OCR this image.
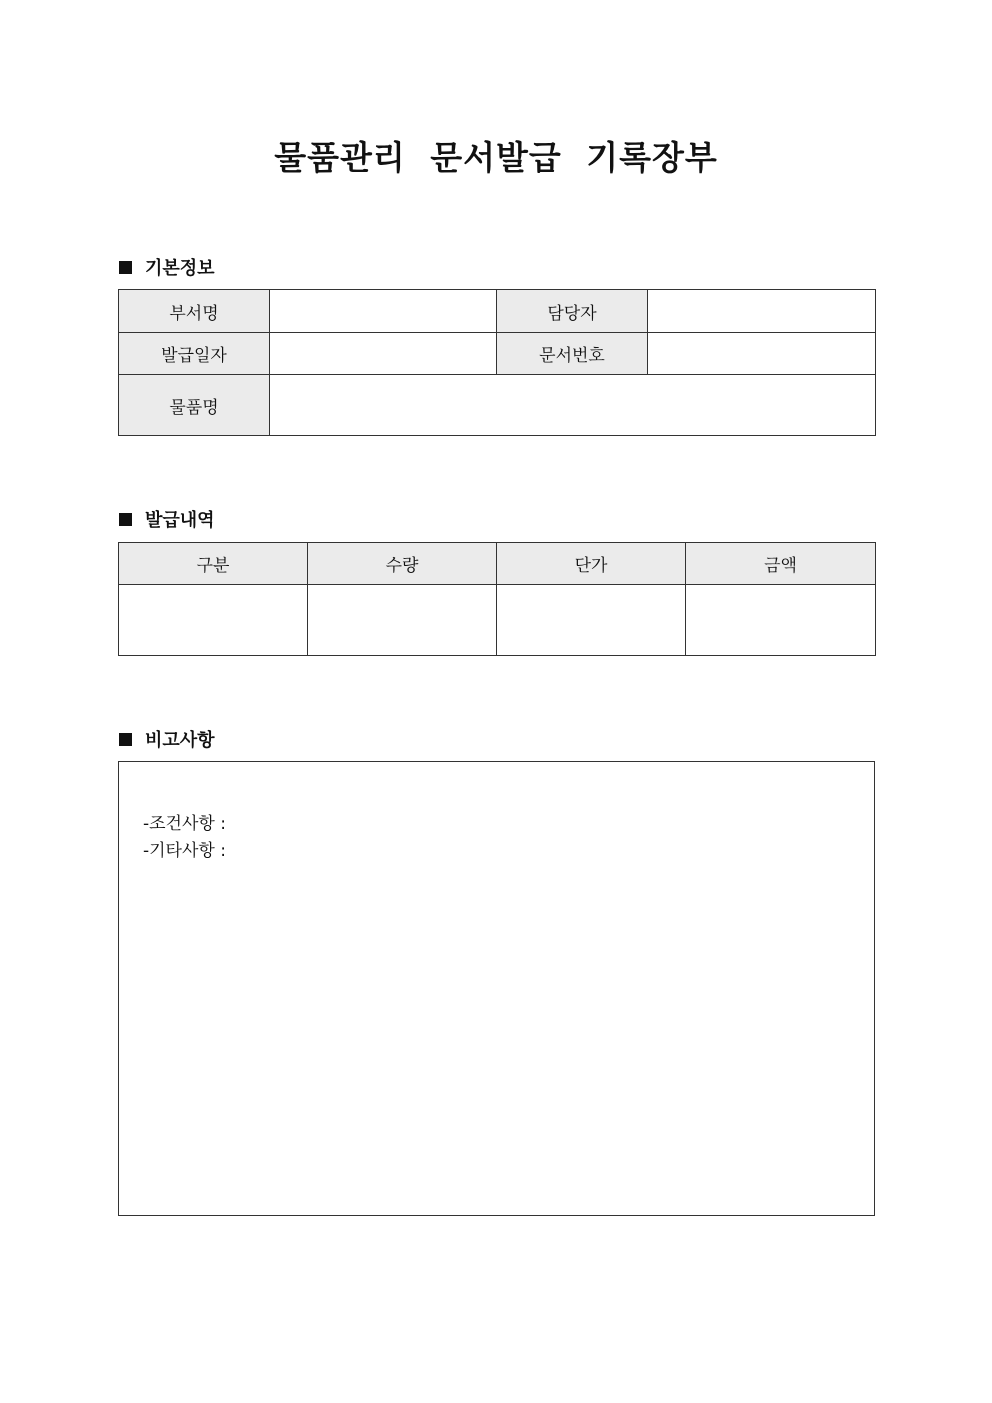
물품관리 문서발급 기록장부
기본정보
부서명		담당자	
발급일자		문서번호	
물품명			
발급내역
구분	수량	단가	금액

비고사항
-조건사항 :
-기타사항 :
